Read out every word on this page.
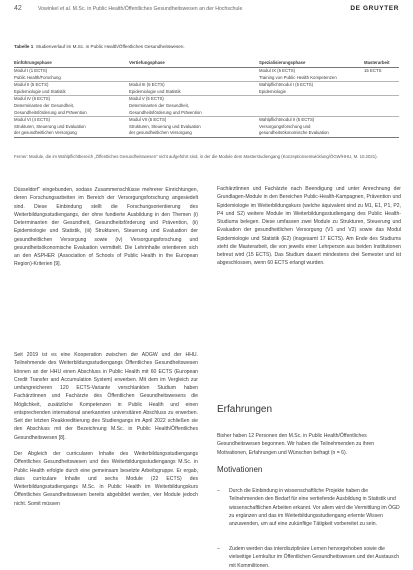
42	Vowinkel et al. M.Sc. in Public Health/Öffentliches Gesundheitswesen an der Hochschule	DE GRUYTER
Tabelle 1 Studienverlauf im M.Sc. in Public Health/Öffentliches Gesundheitswesen.
Einführungsphase	Vertiefungsphase	Spezialisierungsphase	Masterarbeit
Modul I (1 ECTS)		Modul IX (5 ECTS)	15 ECTS
Public Health/Forschung		Training von Public Health Kompetenzen	
Modul II (5 ECTS)	Modul III (5 ECTS)	Wahlpflichtmodul I (5 ECTS)	
Epidemiologie und Statistik	Epidemiologie und Statistik	Epidemiologie	
Modul IV (6 ECTS)	Modul V (5 ECTS)		
Determinanten der Gesundheit,	Determinanten der Gesundheit,		
Gesundheitsförderung und Prävention	Gesundheitsförderung und Prävention		
Modul VI (4 ECTS)	Modul VII (5 ECTS)	Wahlpflichtmodul II (5 ECTS)	
Strukturen, Steuerung und Evaluation	Strukturen, Steuerung und Evaluation	Versorgungsforschung und	
der gesundheitlichen Versorgung	der gesundheitlichen Versorgung	gesundheitsökonomische Evaluation	
Ferner: Module, die im Wahlpflichtbereich „Öffentliches Gesundheitswesen“ nicht aufgeführt sind, in der die Module dem Masterstudiengang (Konzeptionsentwicklung/ÖGW/HHU, M. 10.2021).

Düsseldorf“ eingebunden, sodass Zusammenschlüsse mehrerer Einrichtungen, deren Forschungsarbeiten im Bereich der Versorgungsforschung angesiedelt sind. Diese Einbindung stellt die Forschungsorientierung des Weiterbildungsstudiengangs, der ohne fundierte Ausbildung in den Themen (i) Determinanten der Gesundheit, Gesundheitsförderung und Prävention, (ii) Epidemiologie und Statistik, (iii) Strukturen, Steuerung und Evaluation der gesundheitlichen Versorgung sowie (iv) Versorgungsforschung und gesundheitsökonomische Evaluation vermittelt. Die Lehrinhalte orientieren sich an den ASPHER (Association of Schools of Public Health in the European Region)-Kriterien [9].

Seit 2019 ist es eine Kooperation zwischen der ADGW und der HHU. Teilnehmende des Weiterbildungsstudiengangs Öffentliches Gesundheitswesen können an der HHU einen Abschluss in Public Health mit 60 ECTS (European Credit Transfer and Accumulation System) erwerben. Mit dem im Vergleich zur umfangreicheren 120 ECTS-Variante verschlankten Studium haben Fachärztinnen und Fachärzte des Öffentlichen Gesundheitswesens die Möglichkeit, zusätzliche Kompetenzen in Public Health und einen entsprechenden international anerkannten universitären Abschluss zu erwerben. Seit der letzten Reakkreditierung des Studiengangs im April 2022 schließen sie den Abschluss mit der Bezeichnung M.Sc. in Public Health/Öffentliches Gesundheitswesen [8].

Der Abgleich der curricularen Inhalte des Weiterbildungsstudiengangs Öffentliches Gesundheitswesen und des Weiterbildungsstudiengangs M.Sc. in Public Health erfolgte durch eine gemeinsam besetzte Arbeitsgruppe. Er ergab, dass curriculare Inhalte und sechs Module (22 ECTS) des Weiterbildungsstudiengangs M.Sc. in Public Health im Weiterbildungskurs Öffentliches Gesundheitswesen bereits abgebildet werden, vier Module jedoch nicht. Somit müssen

Fachärztinnen und Fachärzte nach Beendigung und unter Anrechnung der Grundlagen-Module in den Bereichen Public-Health-Kampagnen, Prävention und Epidemiologie im Weiterbildungskurs (welche äquivalent sind zu M1, E1, P1, P2, P4 und S2) weitere Module im Weiterbildungsstudiengang des Public Health-Studiums belegen. Diese umfassen zwei Module zu Strukturen, Steuerung und Evaluation der gesundheitlichen Versorgung (V1 und V2) sowie das Modul Epidemiologie und Statistik (E2) (insgesamt 17 ECTS). Am Ende des Studiums steht die Masterarbeit, die von jeweils einer Lehrperson aus beiden Institutionen betreut wird (15 ECTS). Das Studium dauert mindestens drei Semester und ist abgeschlossen, wenn 60 ECTS erlangt wurden.

Erfahrungen

Bisher haben 12 Personen den M.Sc. in Public Health/Öffentliches Gesundheitswesen begonnen. Wir haben die Teilnehmenden zu ihren Motivationen, Erfahrungen und Wünschen befragt (n = 6).

Motivationen
– Durch die Einbindung in wissenschaftliche Projekte haben die Teilnehmenden den Bedarf für eine vertiefende Ausbildung in Statistik und wissenschaftlichen Arbeiten erkannt. Vor allem wird die Vermittlung im ÖGD zu ergänzen und das im Weiterbildungsstudiengang erlernte Wissen anzuwenden, um auf eine zukünftige Tätigkeit vorbereitet zu sein.
– Zudem werden das interdisziplinäre Lernen hervorgehoben sowie die vielseitige Lernkultur im Öffentlichen Gesundheitswesen und der Austausch mit Kommilitonen.
